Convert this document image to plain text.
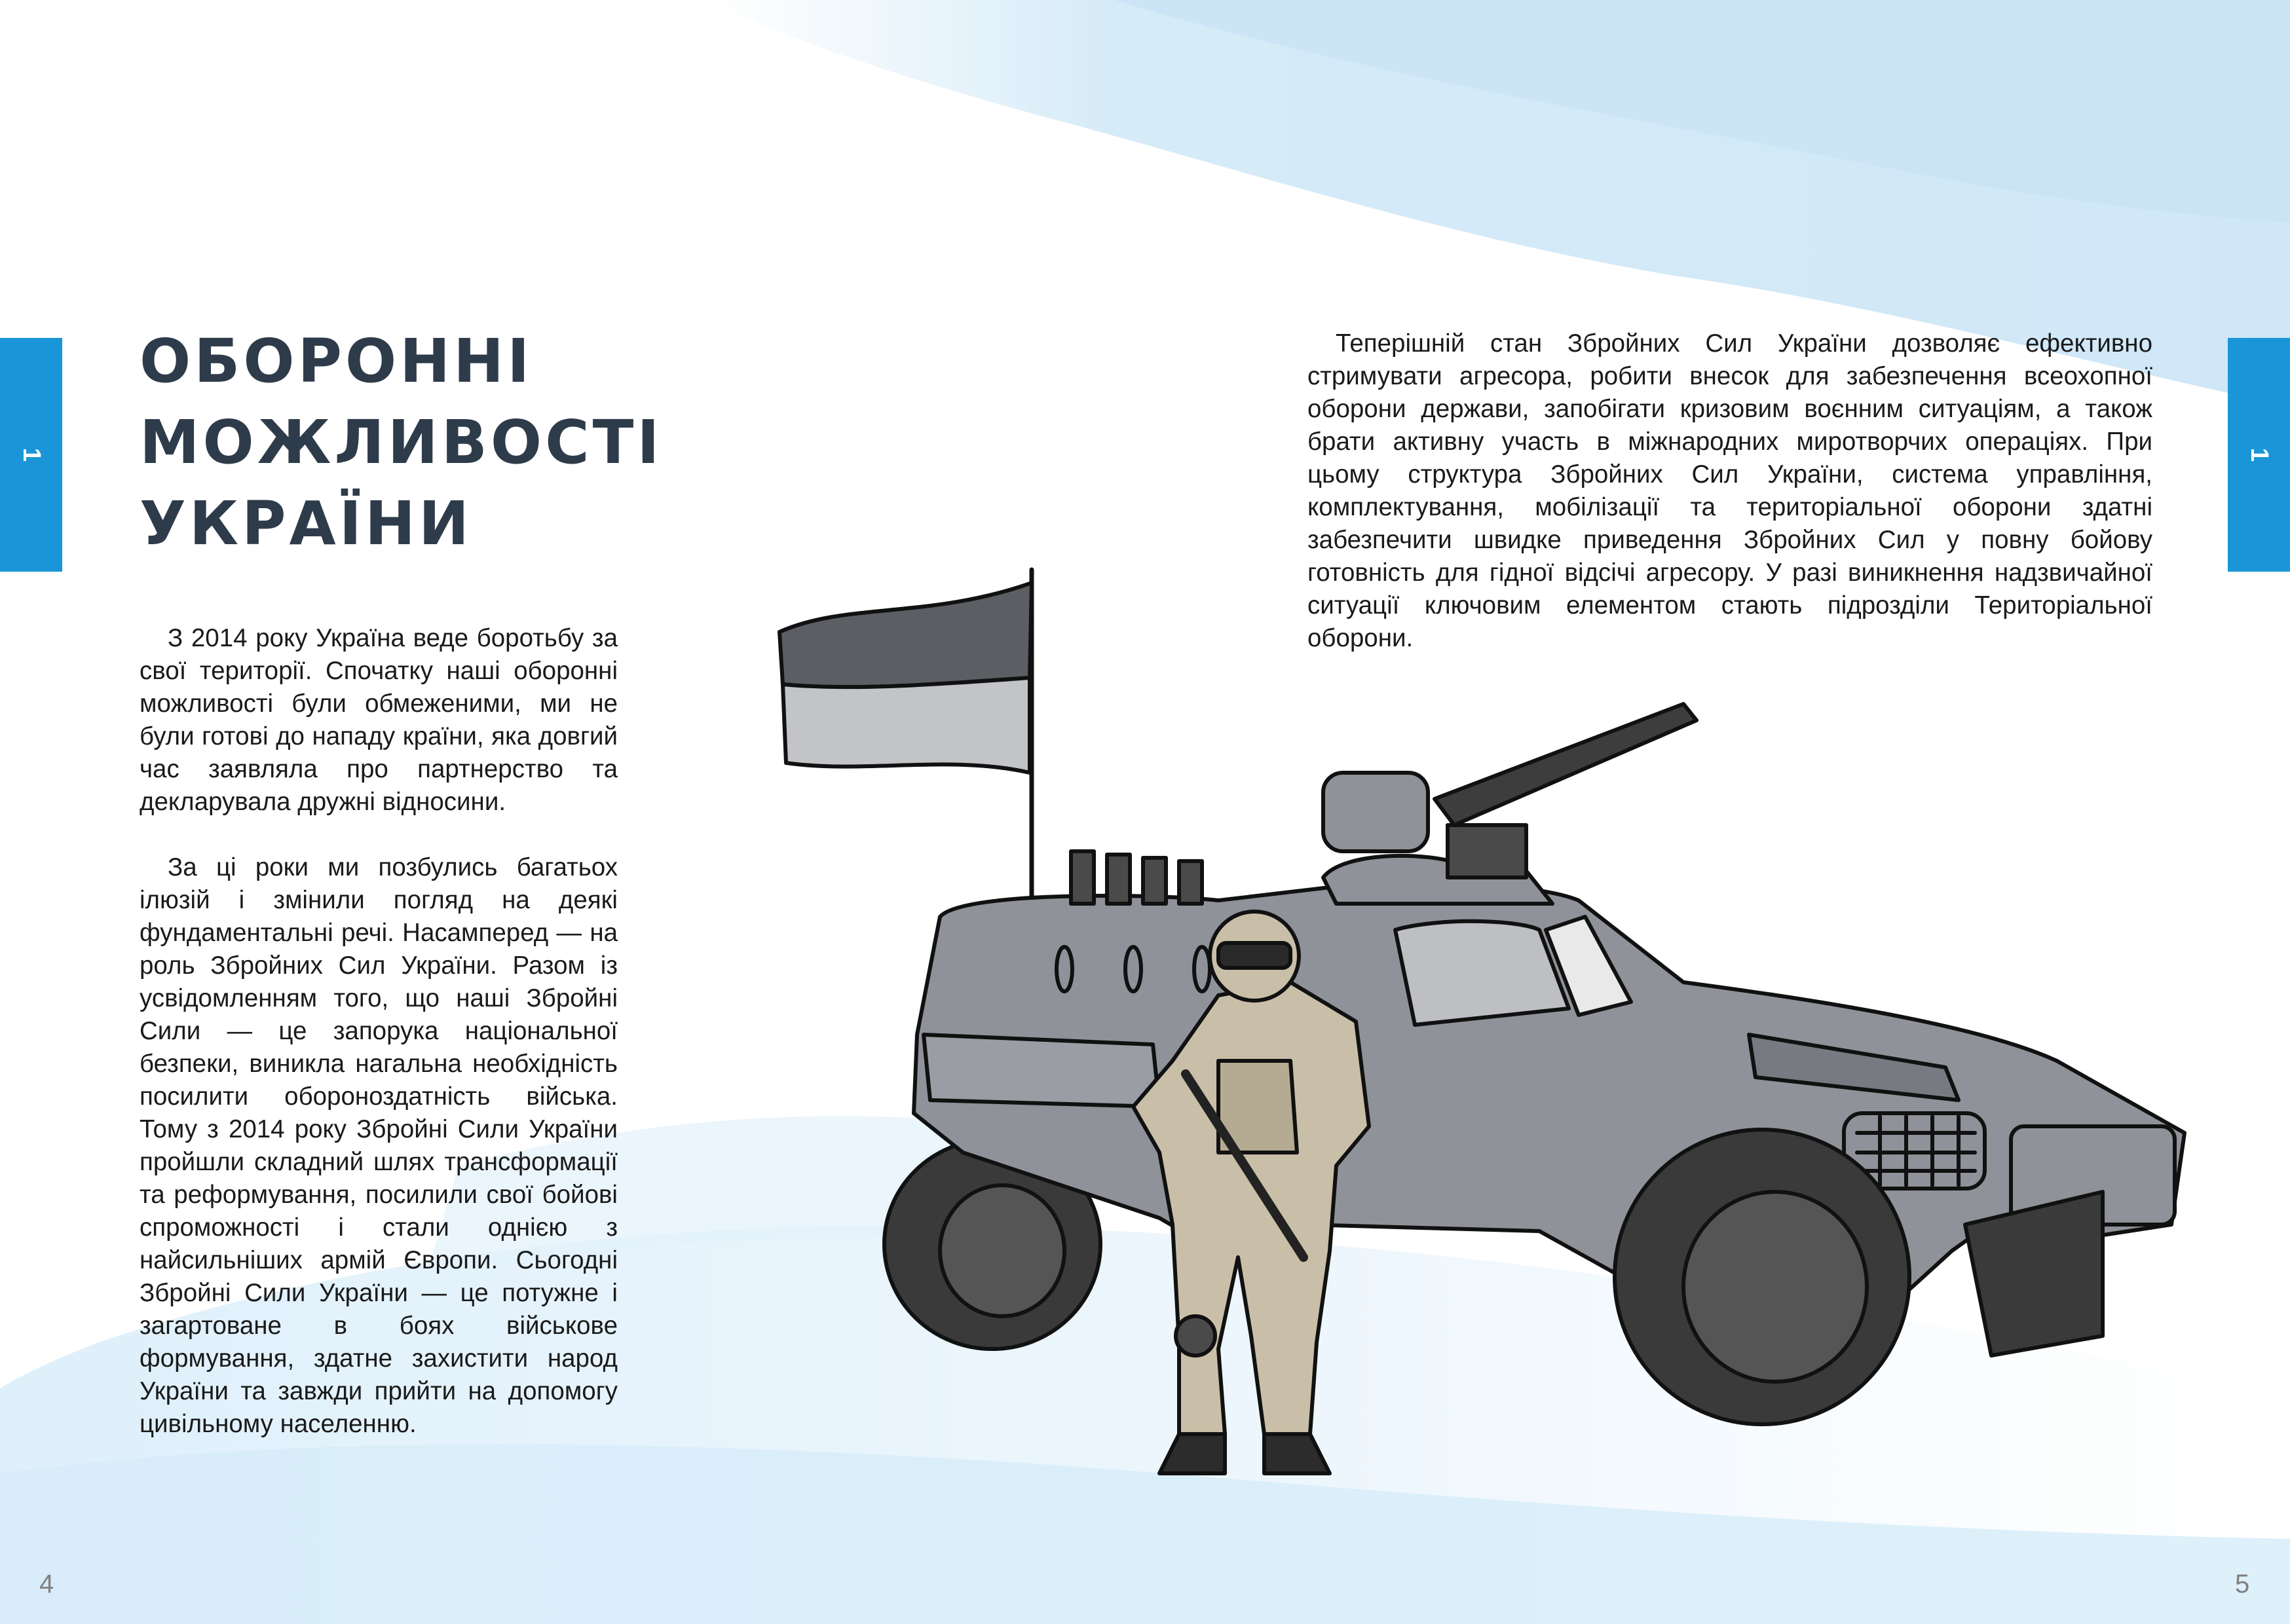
1	1
ОБОРОННІ
МОЖЛИВОСТІ
УКРАЇНИ

З 2014 року Україна веде боротьбу за свої території. Спочатку наші оборонні можливості були обмеженими, ми не були готові до нападу країни, яка довгий час заявляла про партнерство та декларувала дружні відносини.

За ці роки ми позбулись багатьох ілюзій і змінили погляд на деякі фундаментальні речі. Насамперед — на роль Збройних Сил України. Разом із усвідомленням того, що наші Збройні Сили — це запорука національної безпеки, виникла нагальна необхідність посилити обороноздатність війська. Тому з 2014 року Збройні Сили України пройшли складний шлях трансформації та реформування, посилили свої бойові спроможності і стали однією з найсильніших армій Європи. Сьогодні Збройні Сили України — це потужне і загартоване в боях військове формування, здатне захистити народ України та завжди прийти на допомогу цивільному населенню.

Теперішній стан Збройних Сил України дозволяє ефективно стримувати агресора, робити внесок для забезпечення всеохопної оборони держави, запобігати кризовим воєнним ситуаціям, а також брати активну участь в міжнародних миротворчих операціях. При цьому структура Збройних Сил України, система управління, комплектування, мобілізації та територіальної оборони здатні забезпечити швидке приведення Збройних Сил у повну бойову готовність для гідної відсічі агресору. У разі виникнення надзвичайної ситуації ключовим елементом стають підрозділи Територіальної оборони.

4	5
